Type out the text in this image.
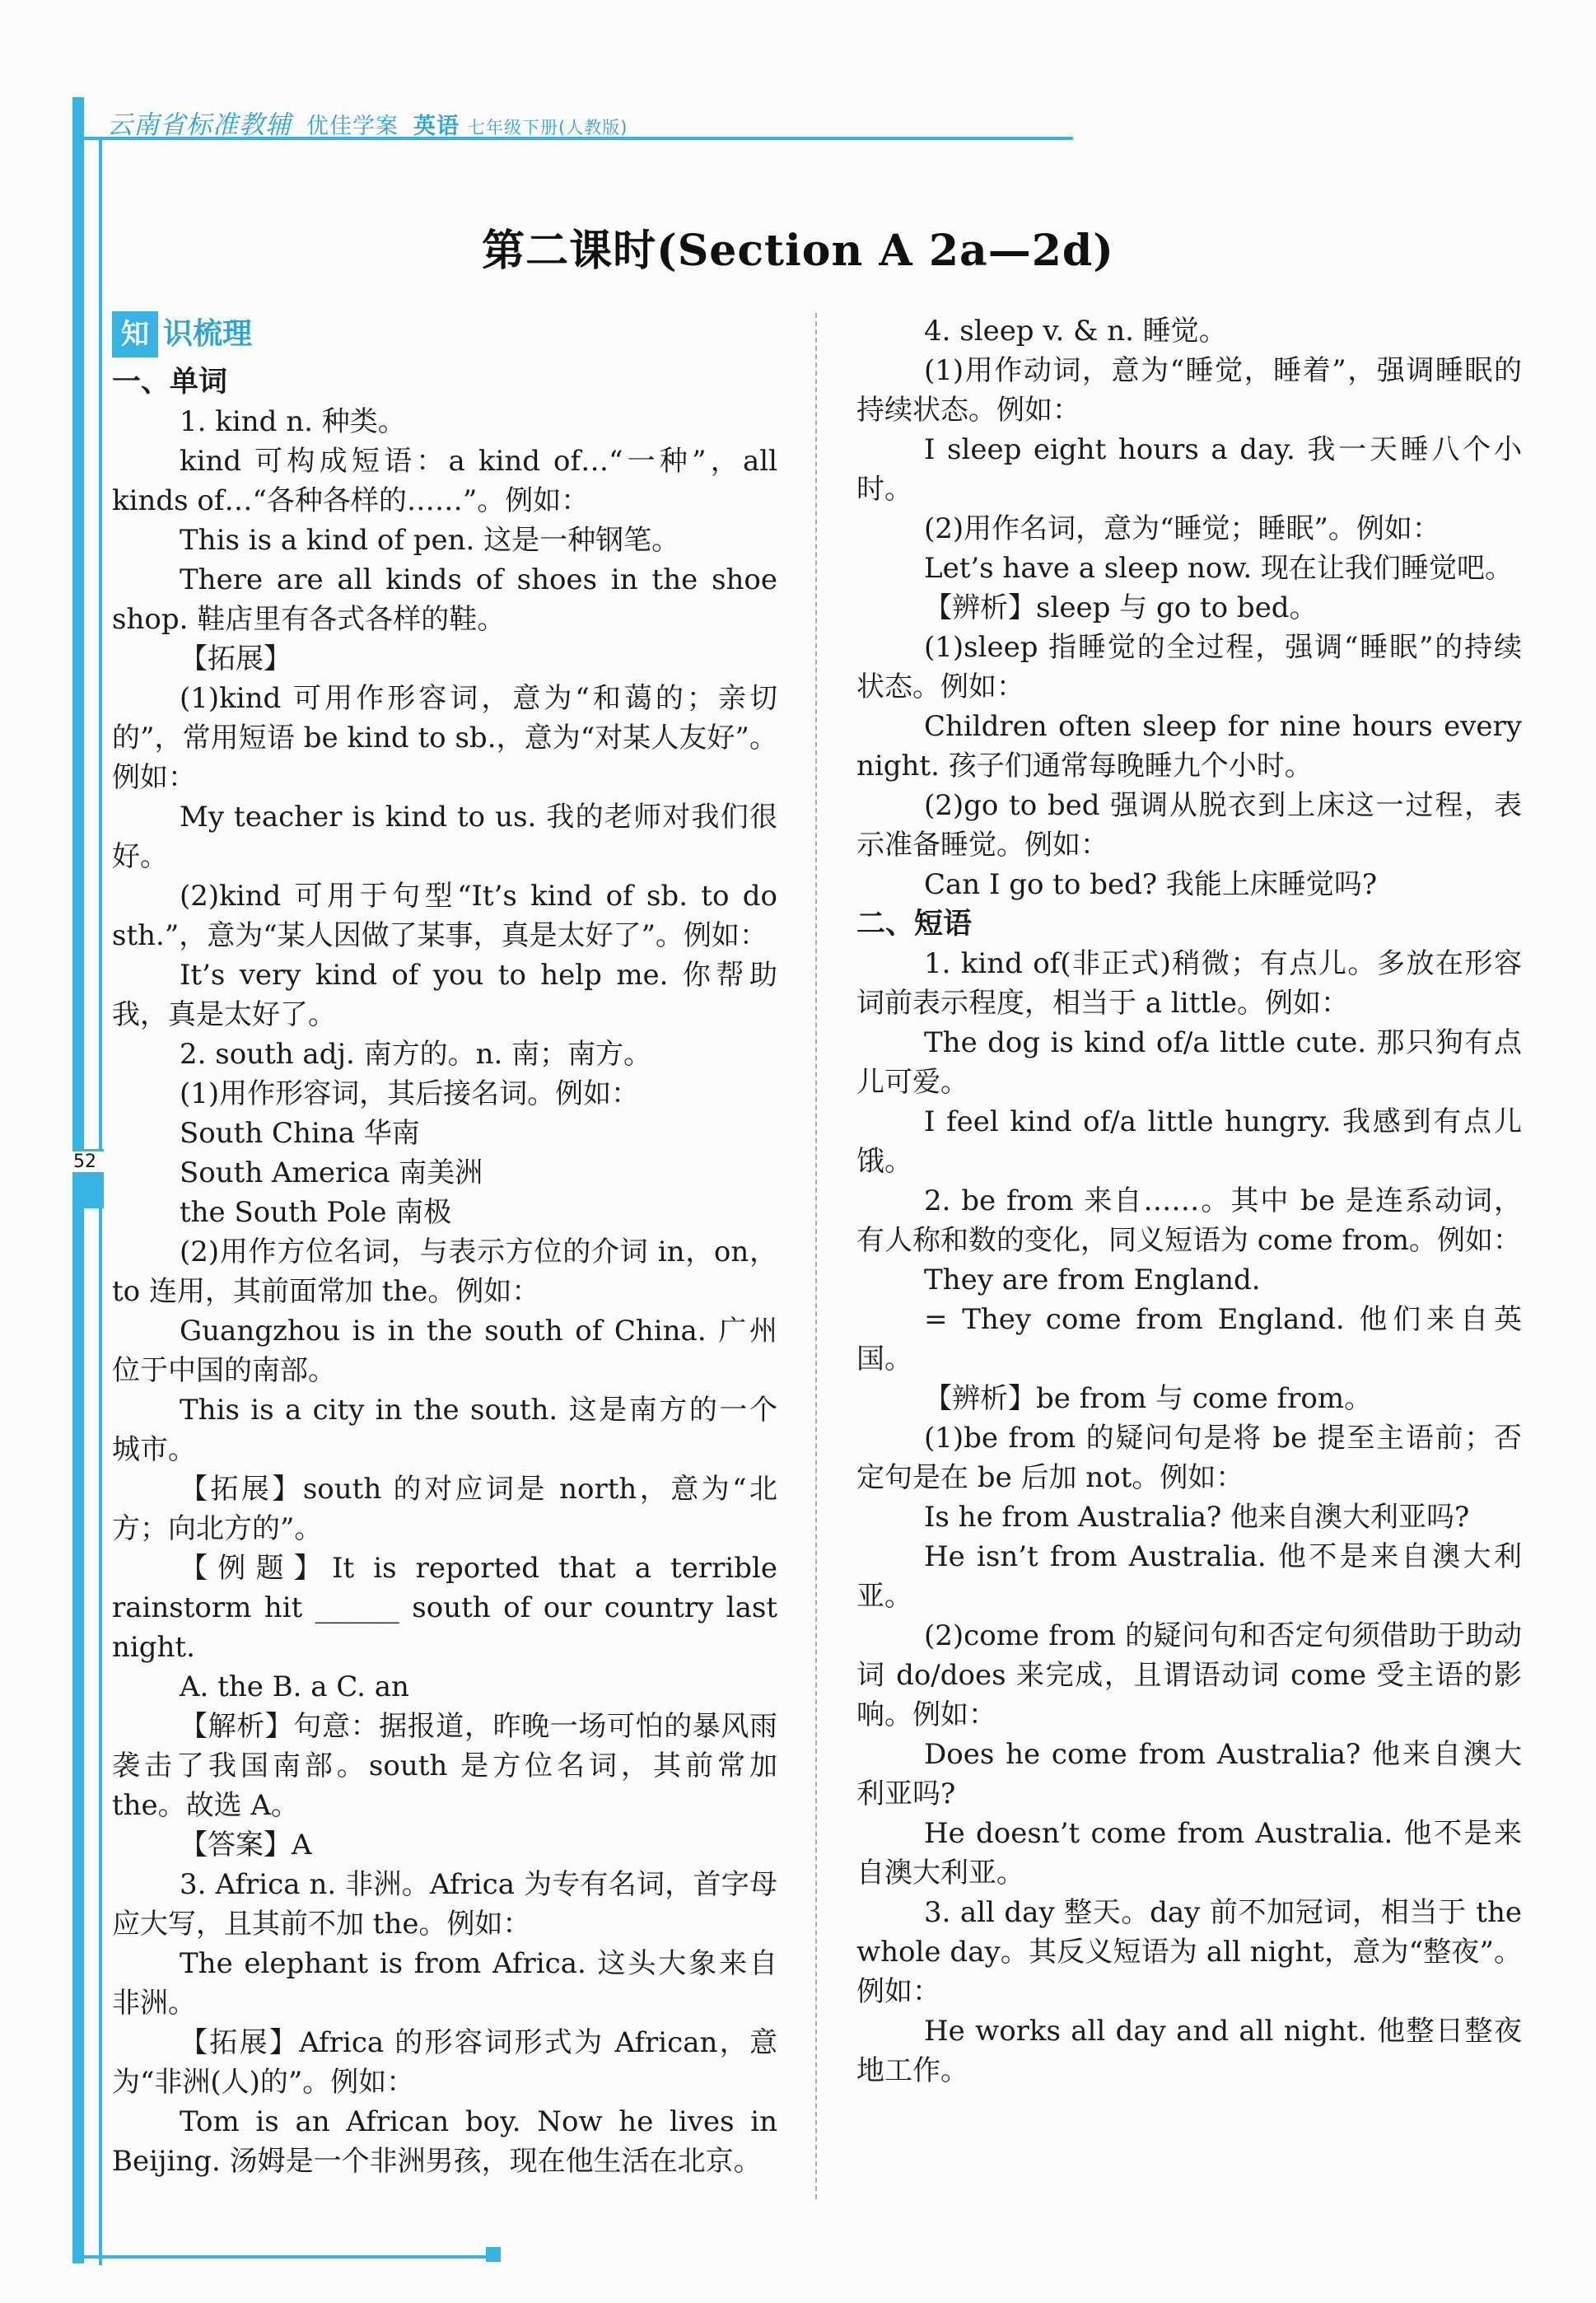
云南省标准教辅 优佳学案 英语 七年级下册(人教版)
52
第二课时(Section A 2a—2d)
知 识梳理

一、单词

1. kind n. 种类。

kind 可构成短语：a kind of…“一种”，all kinds of…“各种各样的……”。例如：

This is a kind of pen. 这是一种钢笔。

There are all kinds of shoes in the shoe shop. 鞋店里有各式各样的鞋。

【拓展】

(1)kind 可用作形容词，意为“和蔼的；亲切的”，常用短语 be kind to sb.，意为“对某人友好”。例如：

My teacher is kind to us. 我的老师对我们很好。

(2)kind 可用于句型“It’s kind of sb. to do sth.”，意为“某人因做了某事，真是太好了”。例如：

It’s very kind of you to help me. 你帮助我，真是太好了。

2. south adj. 南方的。n. 南；南方。

(1)用作形容词，其后接名词。例如：

South China 华南

South America 南美洲

the South Pole 南极

(2)用作方位名词，与表示方位的介词 in，on，to 连用，其前面常加 the。例如：

Guangzhou is in the south of China. 广州位于中国的南部。

This is a city in the south. 这是南方的一个城市。

【拓展】south 的对应词是 north，意为“北方；向北方的”。

【例题】It is reported that a terrible rainstorm hit ______ south of our country last night.

A. the B. a C. an

【解析】句意：据报道，昨晚一场可怕的暴风雨袭击了我国南部。south 是方位名词，其前常加 the。故选 A。

【答案】A

3. Africa n. 非洲。Africa 为专有名词，首字母应大写，且其前不加 the。例如：

The elephant is from Africa. 这头大象来自非洲。

【拓展】Africa 的形容词形式为 African，意为“非洲(人)的”。例如：

Tom is an African boy. Now he lives in Beijing. 汤姆是一个非洲男孩，现在他生活在北京。

4. sleep v. & n. 睡觉。

(1)用作动词，意为“睡觉，睡着”，强调睡眠的持续状态。例如：

I sleep eight hours a day. 我一天睡八个小时。

(2)用作名词，意为“睡觉；睡眠”。例如：

Let’s have a sleep now. 现在让我们睡觉吧。

【辨析】sleep 与 go to bed。

(1)sleep 指睡觉的全过程，强调“睡眠”的持续状态。例如：

Children often sleep for nine hours every night. 孩子们通常每晚睡九个小时。

(2)go to bed 强调从脱衣到上床这一过程，表示准备睡觉。例如：

Can I go to bed? 我能上床睡觉吗?

二、短语

1. kind of(非正式)稍微；有点儿。多放在形容词前表示程度，相当于 a little。例如：

The dog is kind of/a little cute. 那只狗有点儿可爱。

I feel kind of/a little hungry. 我感到有点儿饿。

2. be from 来自……。其中 be 是连系动词，有人称和数的变化，同义短语为 come from。例如：

They are from England.

= They come from England. 他们来自英国。

【辨析】be from 与 come from。

(1)be from 的疑问句是将 be 提至主语前；否定句是在 be 后加 not。例如：

Is he from Australia? 他来自澳大利亚吗?

He isn’t from Australia. 他不是来自澳大利亚。

(2)come from 的疑问句和否定句须借助于助动词 do/does 来完成，且谓语动词 come 受主语的影响。例如：

Does he come from Australia? 他来自澳大利亚吗?

He doesn’t come from Australia. 他不是来自澳大利亚。

3. all day 整天。day 前不加冠词，相当于 the whole day。其反义短语为 all night，意为“整夜”。例如：

He works all day and all night. 他整日整夜地工作。
